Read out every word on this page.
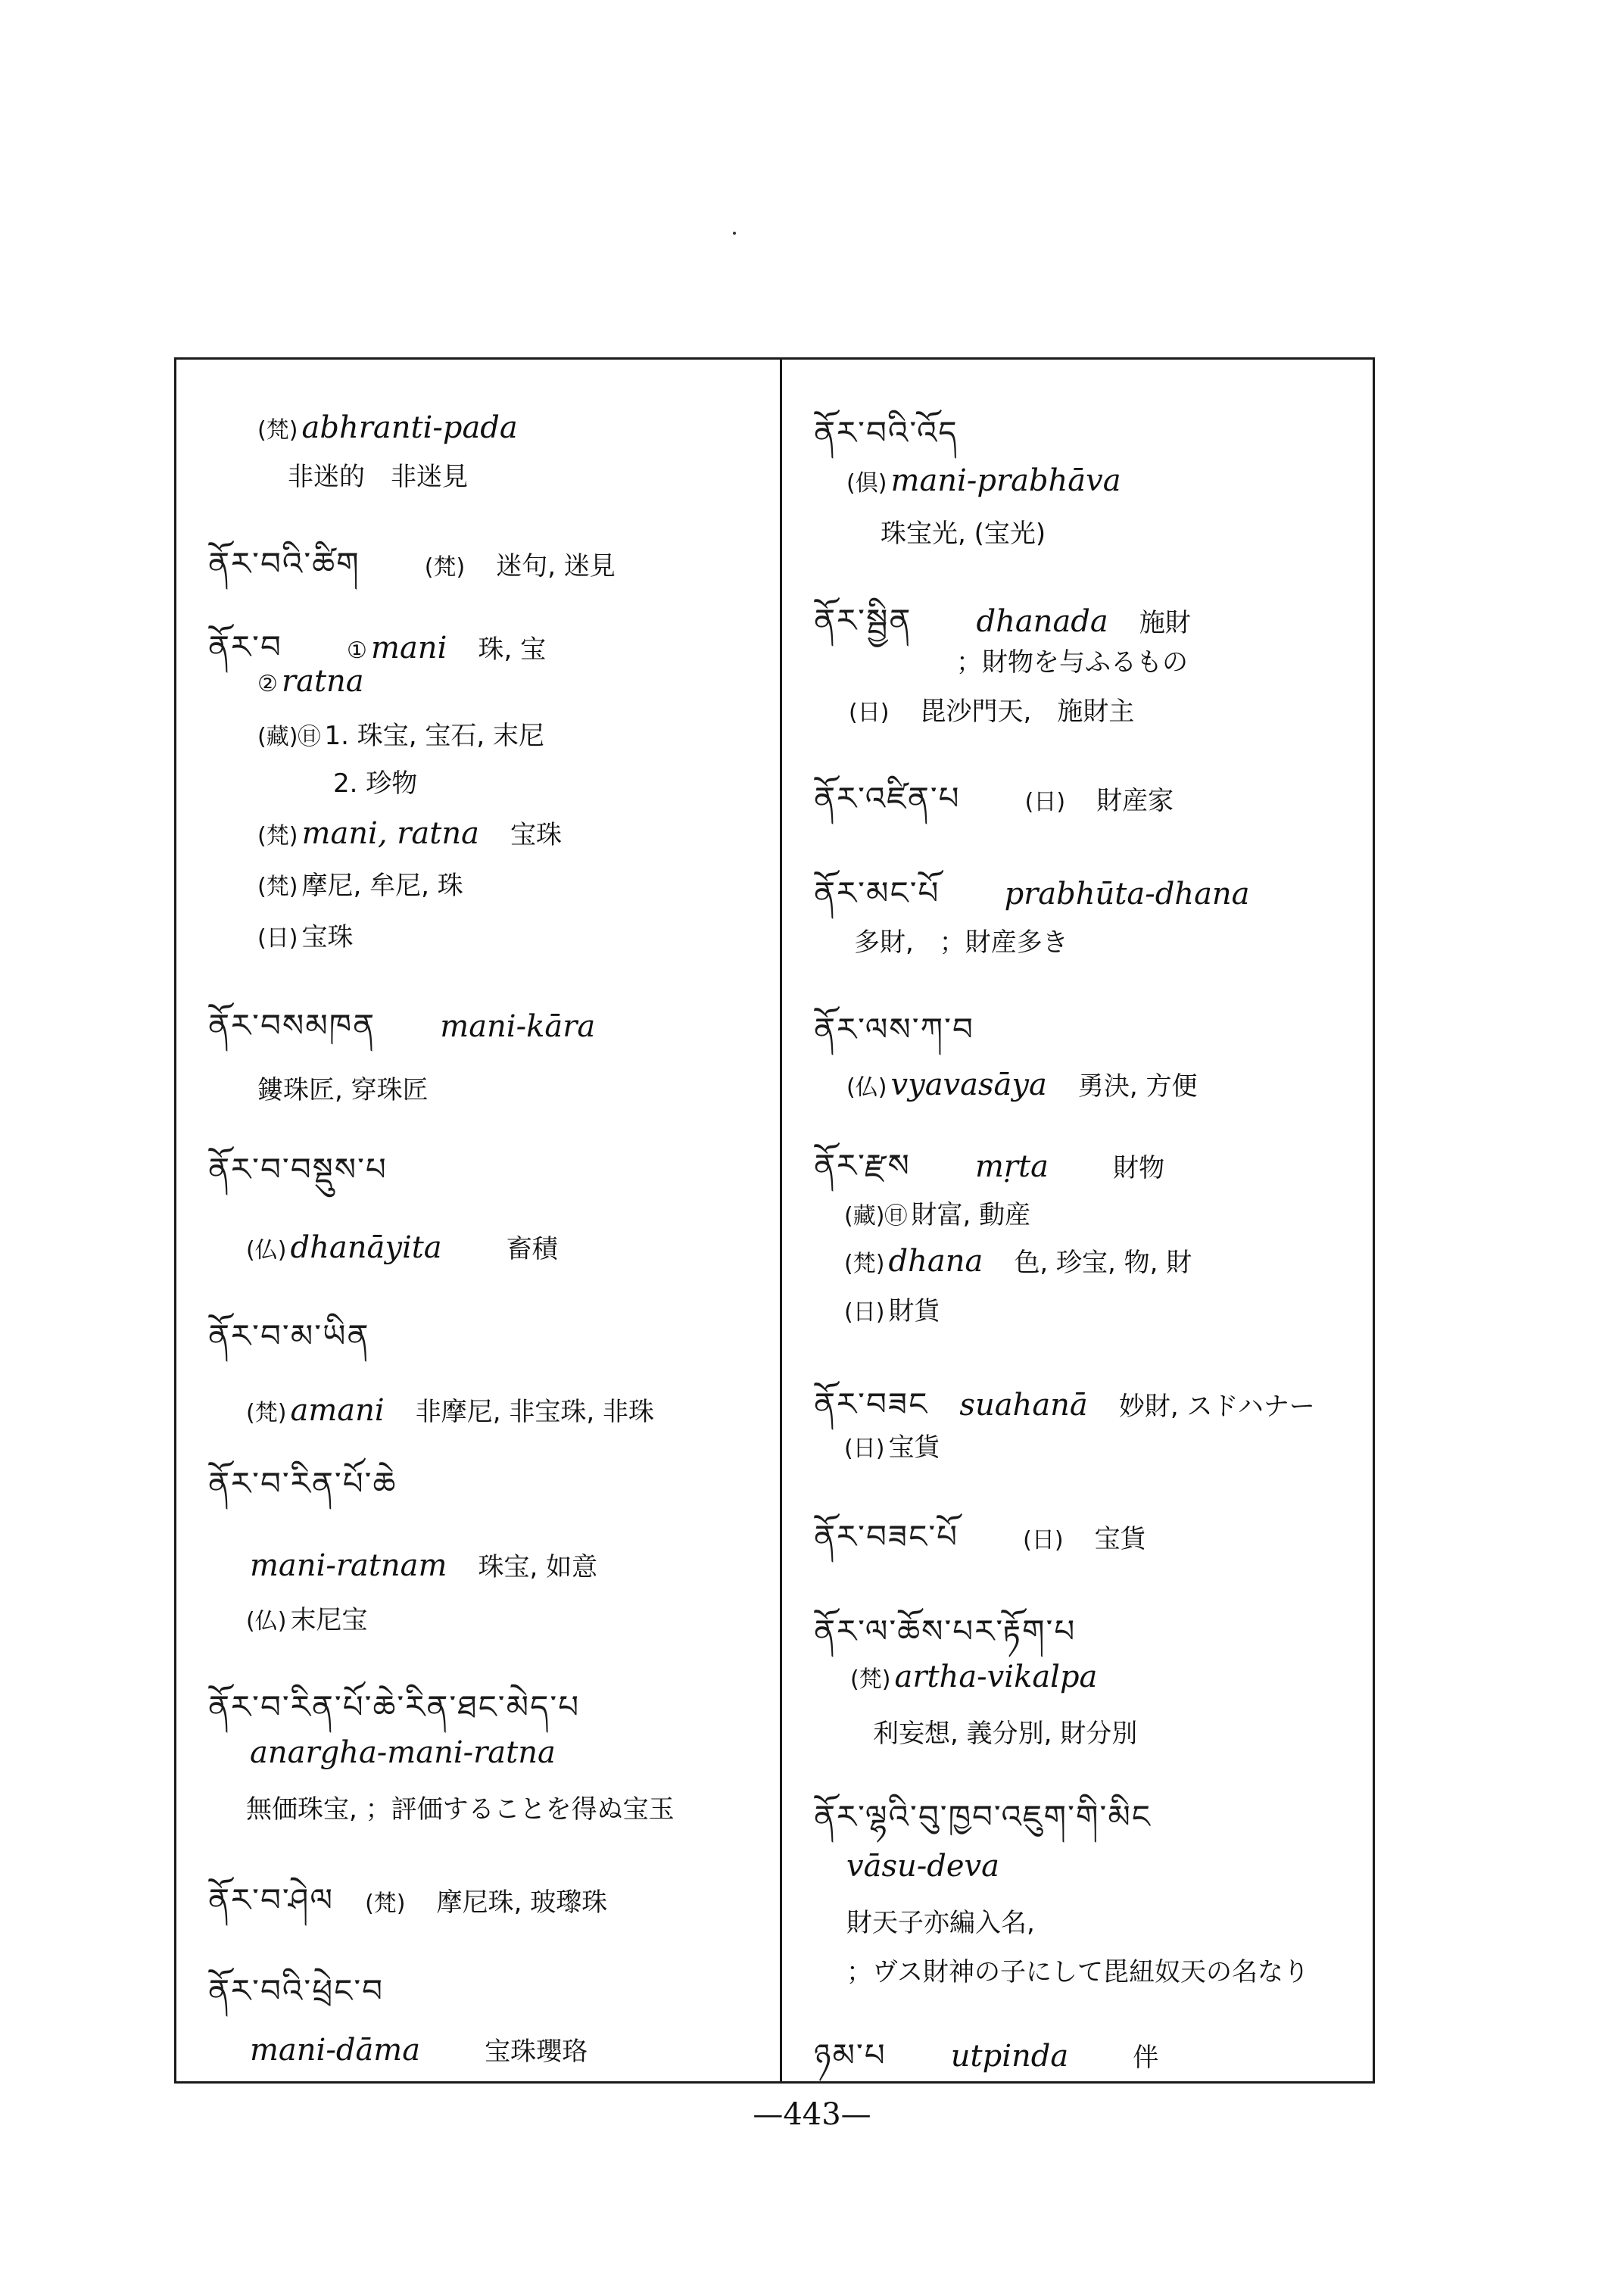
(梵) abhranti-pada
非迷的　非迷見
ནོར་བའི་ཚིག	(梵) 迷句, 迷見
ནོར་བ	① mani 珠, 宝
② ratna
(藏)㊐ 1. 珠宝, 宝石, 末尼
2. 珍物
(梵) mani, ratna 宝珠
(梵) 摩尼, 牟尼, 珠
(日) 宝珠
ནོར་བསམཁན mani-kāra
鏤珠匠, 穿珠匠
ནོར་བ་བསྡུས་པ
(仏) dhanāyita	畜積
ནོར་བ་མ་ཡིན
(梵) amani 非摩尼, 非宝珠, 非珠
ནོར་བ་རིན་པོ་ཆེ
mani-ratnam 珠宝, 如意
(仏) 末尼宝
ནོར་བ་རིན་པོ་ཆེ་རིན་ཐང་མེད་པ
anargha-mani-ratna
無価珠宝, ；評価することを得ぬ宝玉
ནོར་བ་ཤེལ (梵) 摩尼珠, 玻瓈珠
ནོར་བའི་ཕྲེང་བ
mani-dāma	宝珠瓔珞
ནོར་བའི་འོད
(倶) mani-prabhāva
珠宝光, (宝光)
ནོར་སྦྱིན dhanada 施財
；財物を与ふるもの
(日) 毘沙門天,　施財主
ནོར་འཛིན་པ	(日) 財産家
ནོར་མང་པོ prabhūta-dhana
多財,　；財産多き
ནོར་ལས་ཀ་བ
(仏) vyavasāya 勇決, 方便
ནོར་རྫས mṛta	財物
(藏)㊐ 財富, 動産
(梵) dhana 色, 珍宝, 物, 財
(日) 財貨
ནོར་བཟང suahanā 妙財, スドハナー
(日) 宝貨
ནོར་བཟང་པོ	(日) 宝貨
ནོར་ལ་ཆོས་པར་རྟོག་པ
(梵) artha-vikalpa
利妄想, 義分別, 財分別
ནོར་ལྷའི་བུ་ཁྱབ་འཇུག་གི་མིང
vāsu-deva
財天子亦編入名,
；ヴス財神の子にして毘紐奴天の名なり
ཉམ་པ utpinda	伴
—443—
